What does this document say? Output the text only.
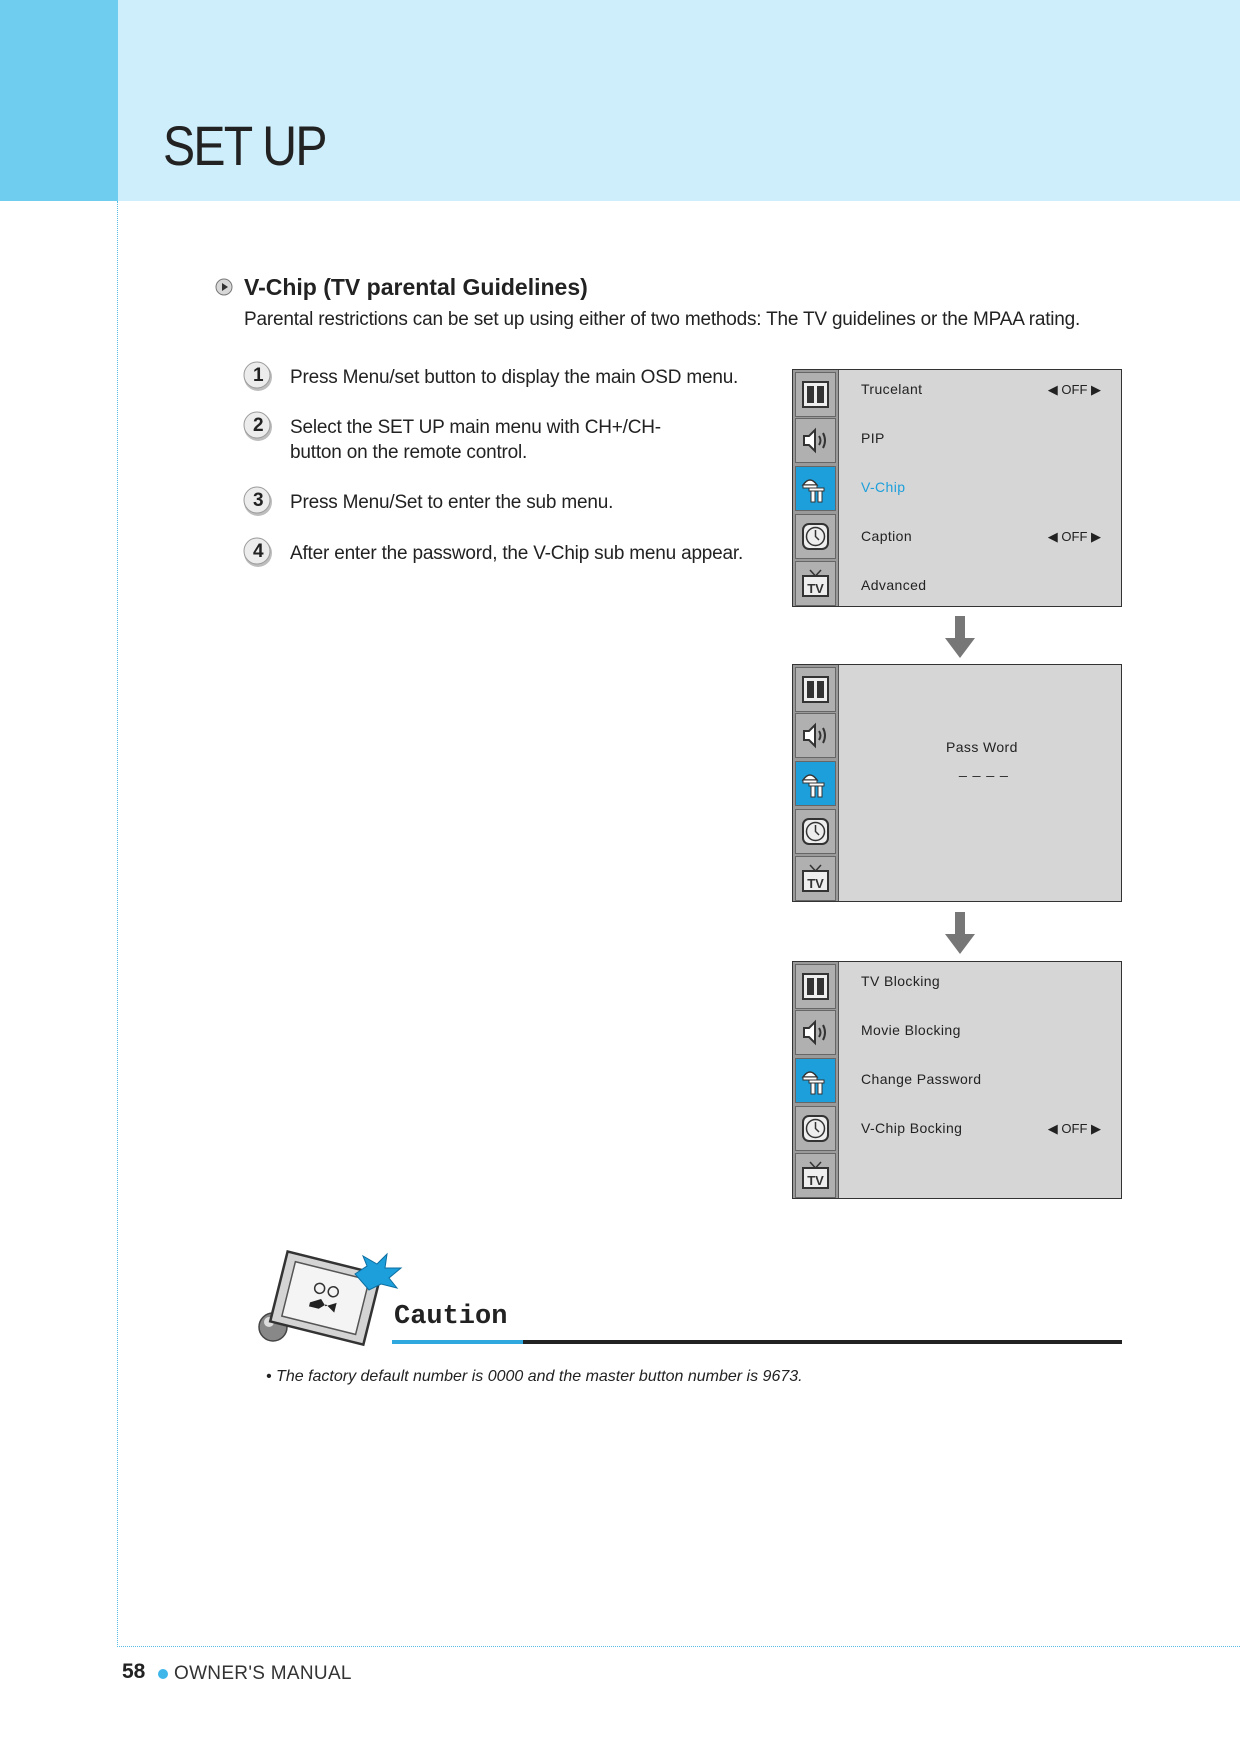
SET UP
V-Chip (TV parental Guidelines)
Parental restrictions can be set up using either of two methods: The TV guidelines or the MPAA rating.
1 Press Menu/set button to display the main OSD menu.
2 Select the SET UP main menu with CH+/CH-
button on the remote control.
3 Press Menu/Set to enter the sub menu.
4 After enter the password, the V-Chip sub menu appear.
TV
Trucelant	◀ OFF ▶
PIP
V-Chip
Caption	◀ OFF ▶
Advanced
TV
Pass Word
_ _ _ _
TV
TV Blocking
Movie Blocking
Change Password
V-Chip Bocking	◀ OFF ▶
Caution
• The factory default number is 0000 and the master button number is 9673.
58 OWNER'S MANUAL
